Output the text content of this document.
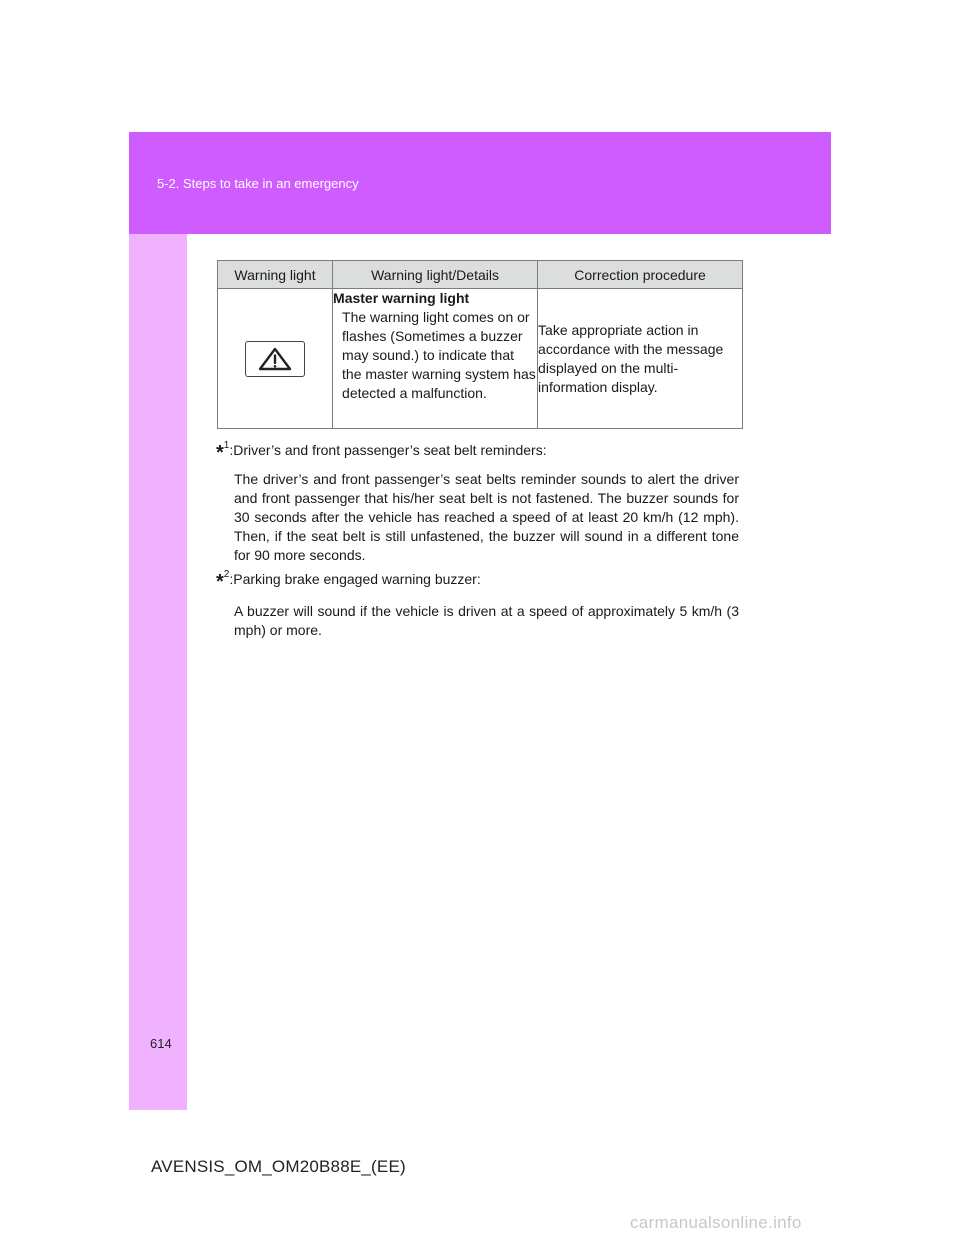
5-2. Steps to take in an emergency
Warning light	Warning light/Details	Correction procedure

Master warning light
The warning light comes on or flashes (Sometimes a buzzer may sound.) to indicate that the master warning system has detected a malfunction.	Take appropriate action in accordance with the message displayed on the multi-information display.
*$^1$:Driver’s and front passenger’s seat belt reminders:
The driver’s and front passenger’s seat belts reminder sounds to alert the driver and front passenger that his/her seat belt is not fastened. The buzzer sounds for 30 seconds after the vehicle has reached a speed of at least 20 km/h (12 mph). Then, if the seat belt is still unfastened, the buzzer will sound in a different tone for 90 more seconds.
*$^2$:Parking brake engaged warning buzzer:
A buzzer will sound if the vehicle is driven at a speed of approximately 5 km/h (3 mph) or more.
614
AVENSIS_OM_OM20B88E_(EE)
carmanualsonline.info
